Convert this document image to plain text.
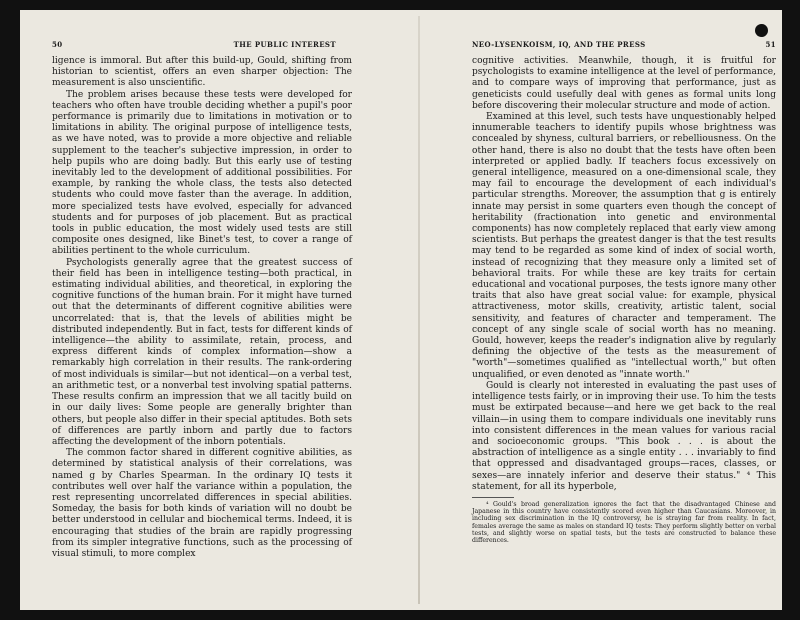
50	THE PUBLIC INTEREST

ligence is immoral. But after this build-up, Gould, shifting from historian to scientist, offers an even sharper objection: The measurement is also unscientific.

The problem arises because these tests were developed for teachers who often have trouble deciding whether a pupil's poor performance is primarily due to limitations in motivation or to limitations in ability. The original purpose of intelligence tests, as we have noted, was to provide a more objective and reliable supplement to the teacher's subjective impression, in order to help pupils who are doing badly. But this early use of testing inevitably led to the development of additional possibilities. For example, by ranking the whole class, the tests also detected students who could move faster than the average. In addition, more specialized tests have evolved, especially for advanced students and for purposes of job placement. But as practical tools in public education, the most widely used tests are still composite ones designed, like Binet's test, to cover a range of abilities pertinent to the whole curriculum.

Psychologists generally agree that the greatest success of their field has been in intelligence testing—both practical, in estimating individual abilities, and theoretical, in exploring the cognitive functions of the human brain. For it might have turned out that the determinants of different cognitive abilities were uncorrelated: that is, that the levels of abilities might be distributed independently. But in fact, tests for different kinds of intelligence—the ability to assimilate, retain, process, and express different kinds of complex information—show a remarkably high correlation in their results. The rank-ordering of most individuals is similar—but not identical—on a verbal test, an arithmetic test, or a nonverbal test involving spatial patterns. These results confirm an impression that we all tacitly build on in our daily lives: Some people are generally brighter than others, but people also differ in their special aptitudes. Both sets of differences are partly inborn and partly due to factors affecting the development of the inborn potentials.

The common factor shared in different cognitive abilities, as determined by statistical analysis of their correlations, was named g by Charles Spearman. In the ordinary IQ tests it contributes well over half the variance within a population, the rest representing uncorrelated differences in special abilities. Someday, the basis for both kinds of variation will no doubt be better understood in cellular and biochemical terms. Indeed, it is encouraging that studies of the brain are rapidly progressing from its simpler integrative functions, such as the processing of visual stimuli, to more complex

NEO-LYSENKOISM, IQ, AND THE PRESS	51

cognitive activities. Meanwhile, though, it is fruitful for psychologists to examine intelligence at the level of performance, and to compare ways of improving that performance, just as geneticists could usefully deal with genes as formal units long before discovering their molecular structure and mode of action.

Examined at this level, such tests have unquestionably helped innumerable teachers to identify pupils whose brightness was concealed by shyness, cultural barriers, or rebelliousness. On the other hand, there is also no doubt that the tests have often been interpreted or applied badly. If teachers focus excessively on general intelligence, measured on a one-dimensional scale, they may fail to encourage the development of each individual's particular strengths. Moreover, the assumption that g is entirely innate may persist in some quarters even though the concept of heritability (fractionation into genetic and environmental components) has now completely replaced that early view among scientists. But perhaps the greatest danger is that the test results may tend to be regarded as some kind of index of social worth, instead of recognizing that they measure only a limited set of behavioral traits. For while these are key traits for certain educational and vocational purposes, the tests ignore many other traits that also have great social value: for example, physical attractiveness, motor skills, creativity, artistic talent, social sensitivity, and features of character and temperament. The concept of any single scale of social worth has no meaning. Gould, however, keeps the reader's indignation alive by regularly defining the objective of the tests as the measurement of "worth"—sometimes qualified as "intellectual worth," but often unqualified, or even denoted as "innate worth."

Gould is clearly not interested in evaluating the past uses of intelligence tests fairly, or in improving their use. To him the tests must be extirpated because—and here we get back to the real villain—in using them to compare individuals one inevitably runs into consistent differences in the mean values for various racial and socioeconomic groups. "This book . . . is about the abstraction of intelligence as a single entity . . . invariably to find that oppressed and disadvantaged groups—races, classes, or sexes—are innately inferior and deserve their status." ⁴ This statement, for all its hyperbole,

⁴ Gould's broad generalization ignores the fact that the disadvantaged Chinese and Japanese in this country have consistently scored even higher than Caucasians. Moreover, in including sex discrimination in the IQ controversy, he is straying far from reality. In fact, females average the same as males on standard IQ tests: They perform slightly better on verbal tests, and slightly worse on spatial tests, but the tests are constructed to balance these differences.
